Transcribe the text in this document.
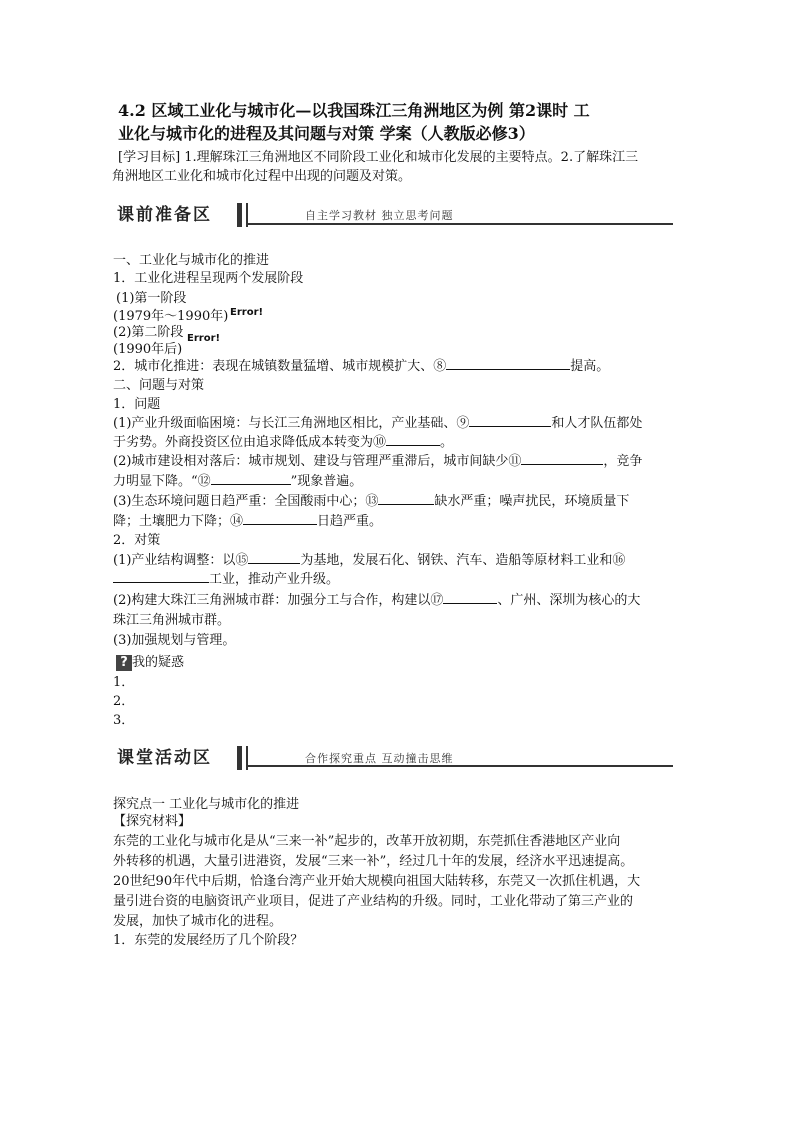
4.2 区域工业化与城市化—以我国珠江三角洲地区为例 第2课时 工
业化与城市化的进程及其问题与对策 学案（人教版必修3）
[学习目标] 1.理解珠江三角洲地区不同阶段工业化和城市化发展的主要特点。2.了解珠江三
角洲地区工业化和城市化过程中出现的问题及对策。
课前准备区	自主学习教材 独立思考问题
一、工业化与城市化的推进
1．工业化进程呈现两个发展阶段
(1)第一阶段
(1979年～1990年) Error!
(2)第二阶段 Error!
(1990年后)
2．城市化推进：表现在城镇数量猛增、城市规模扩大、⑧	提高。
二、问题与对策
1．问题
(1)产业升级面临困境：与长江三角洲地区相比，产业基础、⑨	和人才队伍都处
于劣势。外商投资区位由追求降低成本转变为⑩	。
(2)城市建设相对落后：城市规划、建设与管理严重滞后，城市间缺少⑪	，竞争
力明显下降。“⑫	”现象普遍。
(3)生态环境问题日趋严重：全国酸雨中心；⑬	缺水严重；噪声扰民，环境质量下
降；土壤肥力下降；⑭	日趋严重。
2．对策
(1)产业结构调整：以⑮	为基地，发展石化、钢铁、汽车、造船等原材料工业和⑯
工业，推动产业升级。
(2)构建大珠江三角洲城市群：加强分工与合作，构建以⑰	、广州、深圳为核心的大
珠江三角洲城市群。
(3)加强规划与管理。
? 我的疑惑
1．
2．
3．
课堂活动区	合作探究重点 互动撞击思维
探究点一 工业化与城市化的推进
【探究材料】
东莞的工业化与城市化是从“三来一补”起步的，改革开放初期，东莞抓住香港地区产业向
外转移的机遇，大量引进港资，发展“三来一补”，经过几十年的发展，经济水平迅速提高。
20世纪90年代中后期，恰逢台湾产业开始大规模向祖国大陆转移，东莞又一次抓住机遇，大
量引进台资的电脑资讯产业项目，促进了产业结构的升级。同时，工业化带动了第三产业的
发展，加快了城市化的进程。
1．东莞的发展经历了几个阶段？
